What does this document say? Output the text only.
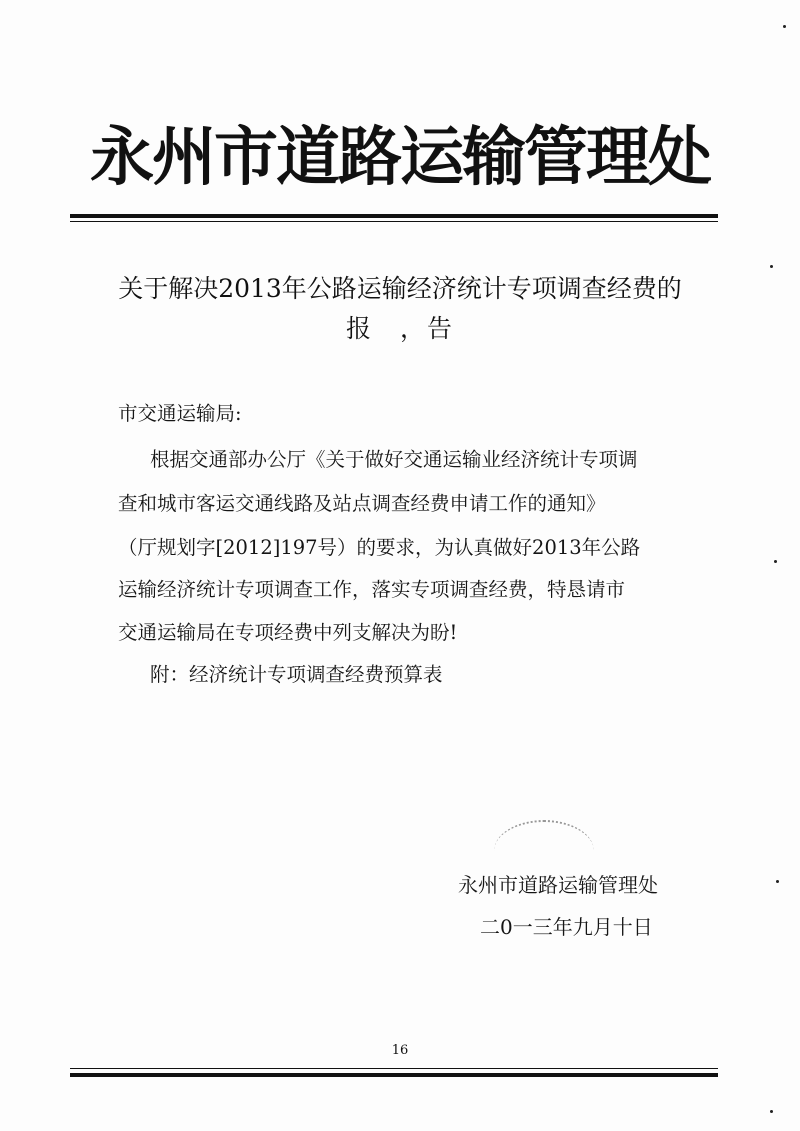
永州市道路运输管理处
关于解决2013年公路运输经济统计专项调查经费的
报　，告
市交通运输局:
根据交通部办公厅《关于做好交通运输业经济统计专项调
查和城市客运交通线路及站点调查经费申请工作的通知》
（厅规划字[2012]197号）的要求，为认真做好2013年公路
运输经济统计专项调查工作，落实专项调查经费，特恳请市
交通运输局在专项经费中列支解决为盼!
附：经济统计专项调查经费预算表
永州市道路运输管理处
二0一三年九月十日
16
